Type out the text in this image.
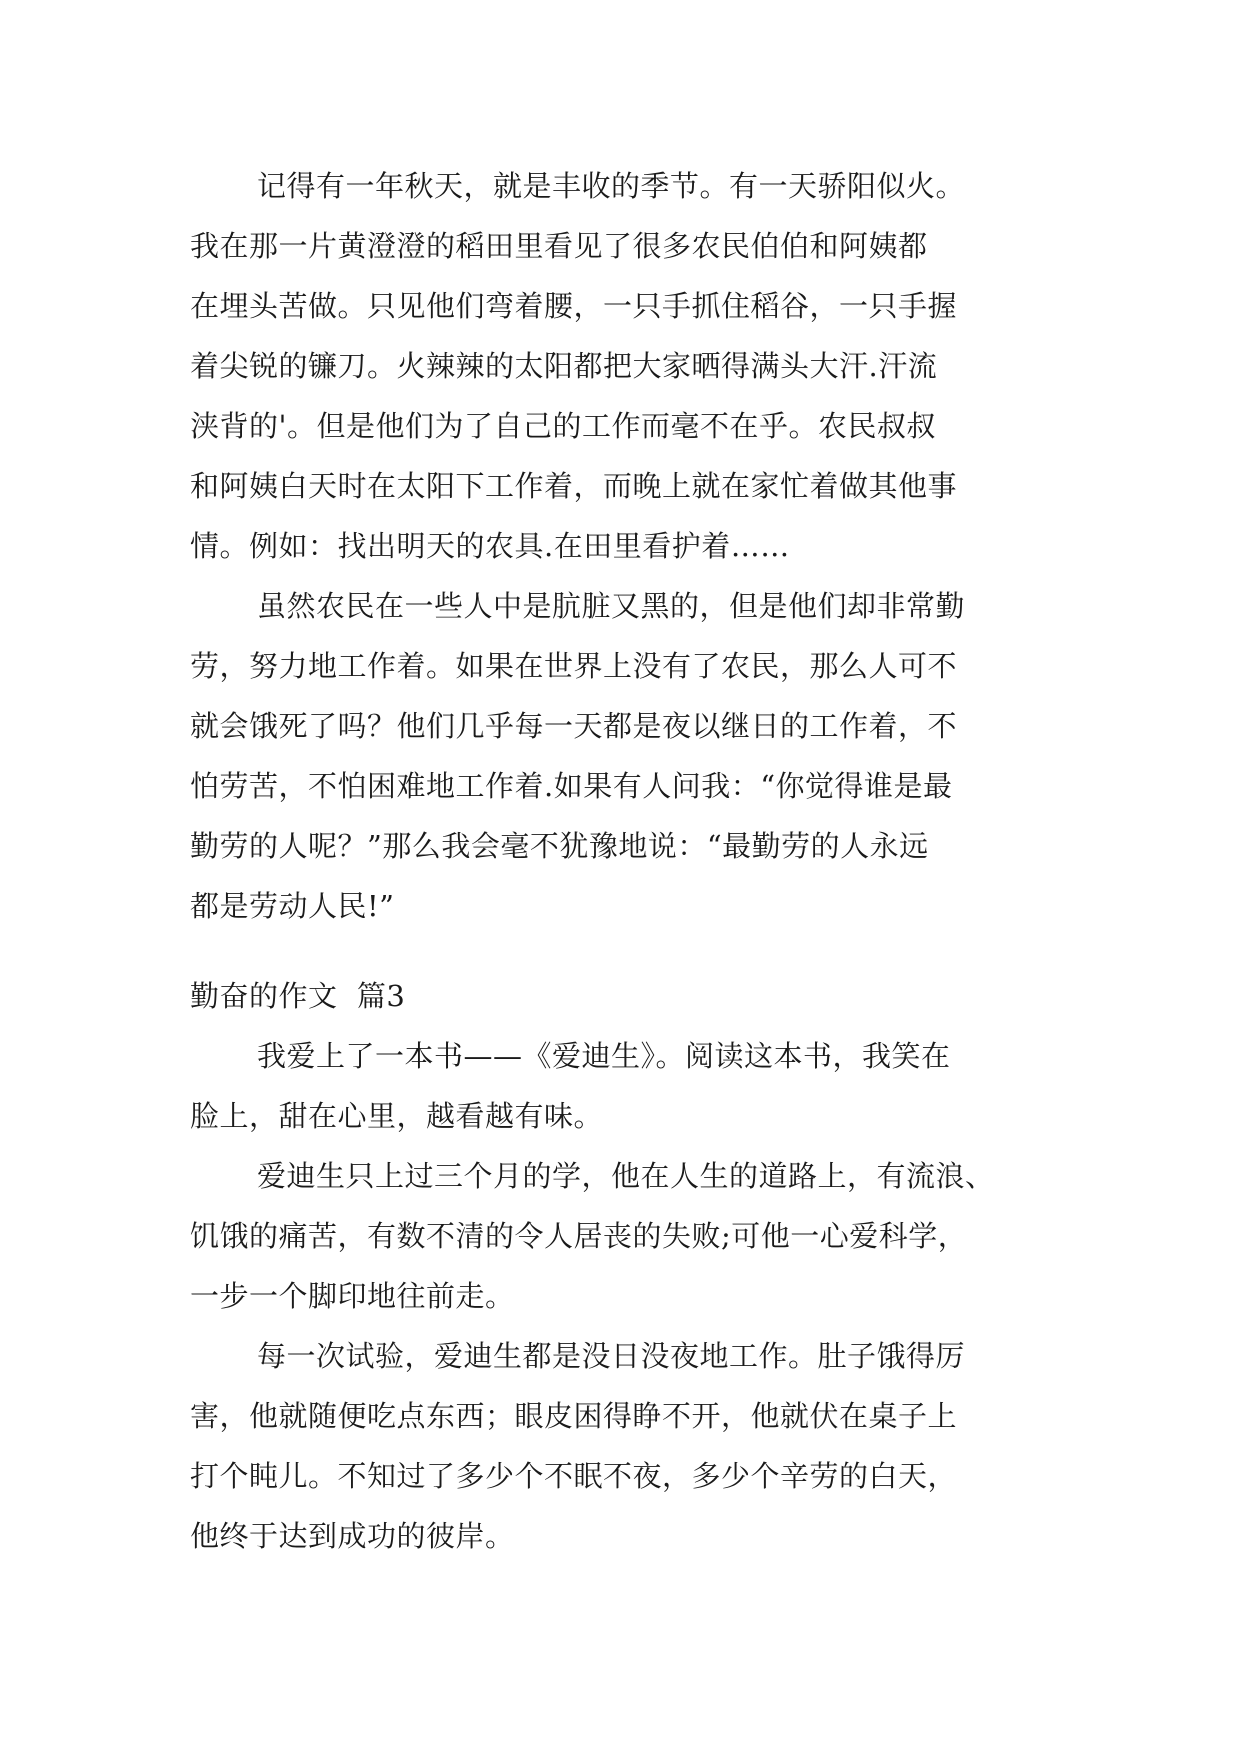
记得有一年秋天，就是丰收的季节。有一天骄阳似火。
我在那一片黄澄澄的稻田里看见了很多农民伯伯和阿姨都
在埋头苦做。只见他们弯着腰，一只手抓住稻谷，一只手握
着尖锐的镰刀。火辣辣的太阳都把大家晒得满头大汗.汗流
浃背的'。但是他们为了自己的工作而毫不在乎。农民叔叔
和阿姨白天时在太阳下工作着，而晚上就在家忙着做其他事
情。例如：找出明天的农具.在田里看护着……
虽然农民在一些人中是肮脏又黑的，但是他们却非常勤
劳，努力地工作着。如果在世界上没有了农民，那么人可不
就会饿死了吗？他们几乎每一天都是夜以继日的工作着，不
怕劳苦，不怕困难地工作着.如果有人问我：“你觉得谁是最
勤劳的人呢？”那么我会毫不犹豫地说：“最勤劳的人永远
都是劳动人民!”
勤奋的作文  篇3
我爱上了一本书——《爱迪生》。阅读这本书，我笑在
脸上，甜在心里，越看越有味。
爱迪生只上过三个月的学，他在人生的道路上，有流浪、
饥饿的痛苦，有数不清的令人居丧的失败;可他一心爱科学，
一步一个脚印地往前走。
每一次试验，爱迪生都是没日没夜地工作。肚子饿得厉
害，他就随便吃点东西；眼皮困得睁不开，他就伏在桌子上
打个盹儿。不知过了多少个不眠不夜，多少个辛劳的白天，
他终于达到成功的彼岸。
